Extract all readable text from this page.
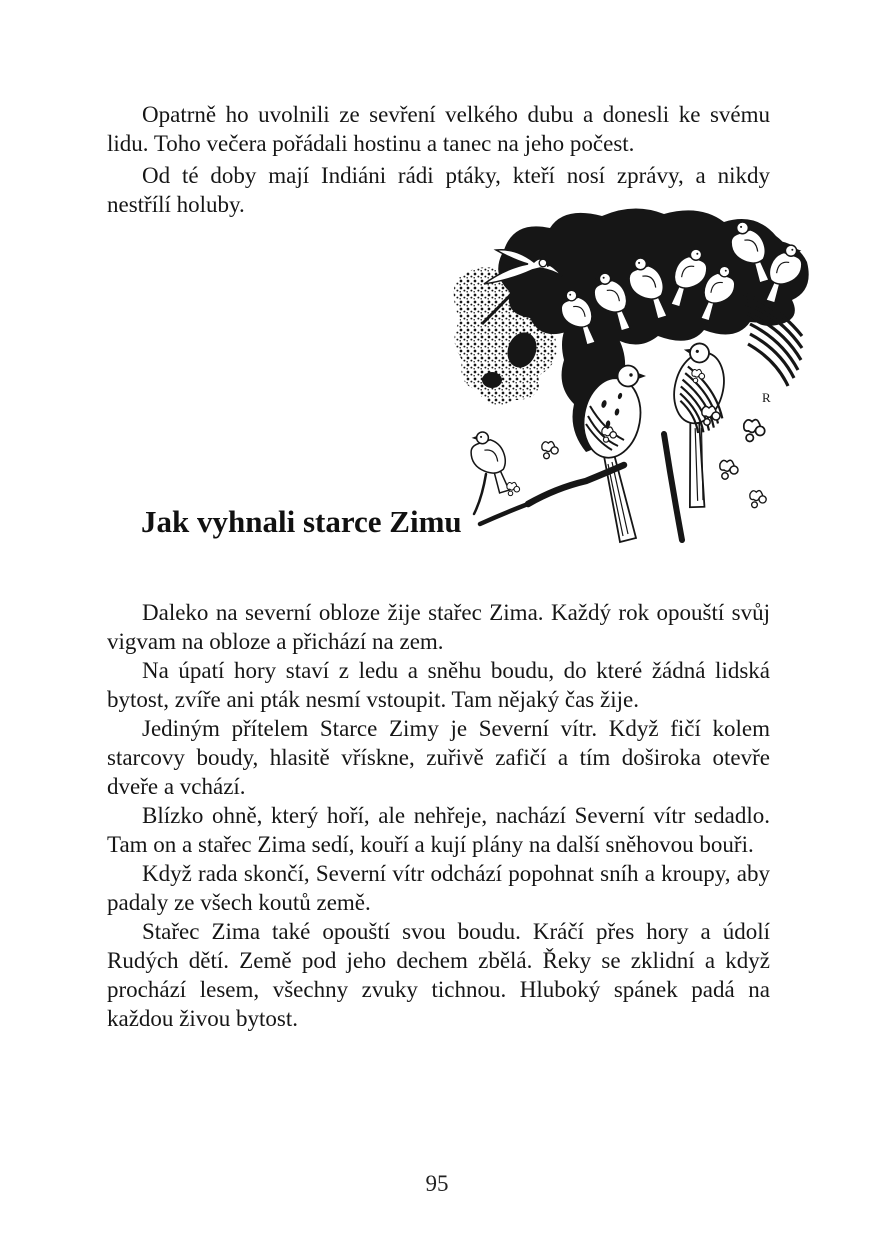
Opatrně ho uvolnili ze sevření velkého dubu a donesli ke svému lidu. Toho večera pořádali hostinu a tanec na jeho počest.

Od té doby mají Indiáni rádi ptáky, kteří nosí zprávy, a nikdy nestřílí holuby.

R
Jak vyhnali starce Zimu

Daleko na severní obloze žije stařec Zima. Každý rok opouští svůj vigvam na obloze a přichází na zem.

Na úpatí hory staví z ledu a sněhu boudu, do které žádná lidská bytost, zvíře ani pták nesmí vstoupit. Tam nějaký čas žije.

Jediným přítelem Starce Zimy je Severní vítr. Když fičí kolem starcovy boudy, hlasitě vřískne, zuřivě zafičí a tím doširoka otevře dveře a vchází.

Blízko ohně, který hoří, ale nehřeje, nachází Severní vítr sedadlo. Tam on a stařec Zima sedí, kouří a kují plány na další sněhovou bouři.

Když rada skončí, Severní vítr odchází popohnat sníh a kroupy, aby padaly ze všech koutů země.

Stařec Zima také opouští svou boudu. Kráčí přes hory a údolí Rudých dětí. Země pod jeho dechem zbělá. Řeky se zklidní a když prochází lesem, všechny zvuky tichnou. Hluboký spánek padá na každou živou bytost.

95
